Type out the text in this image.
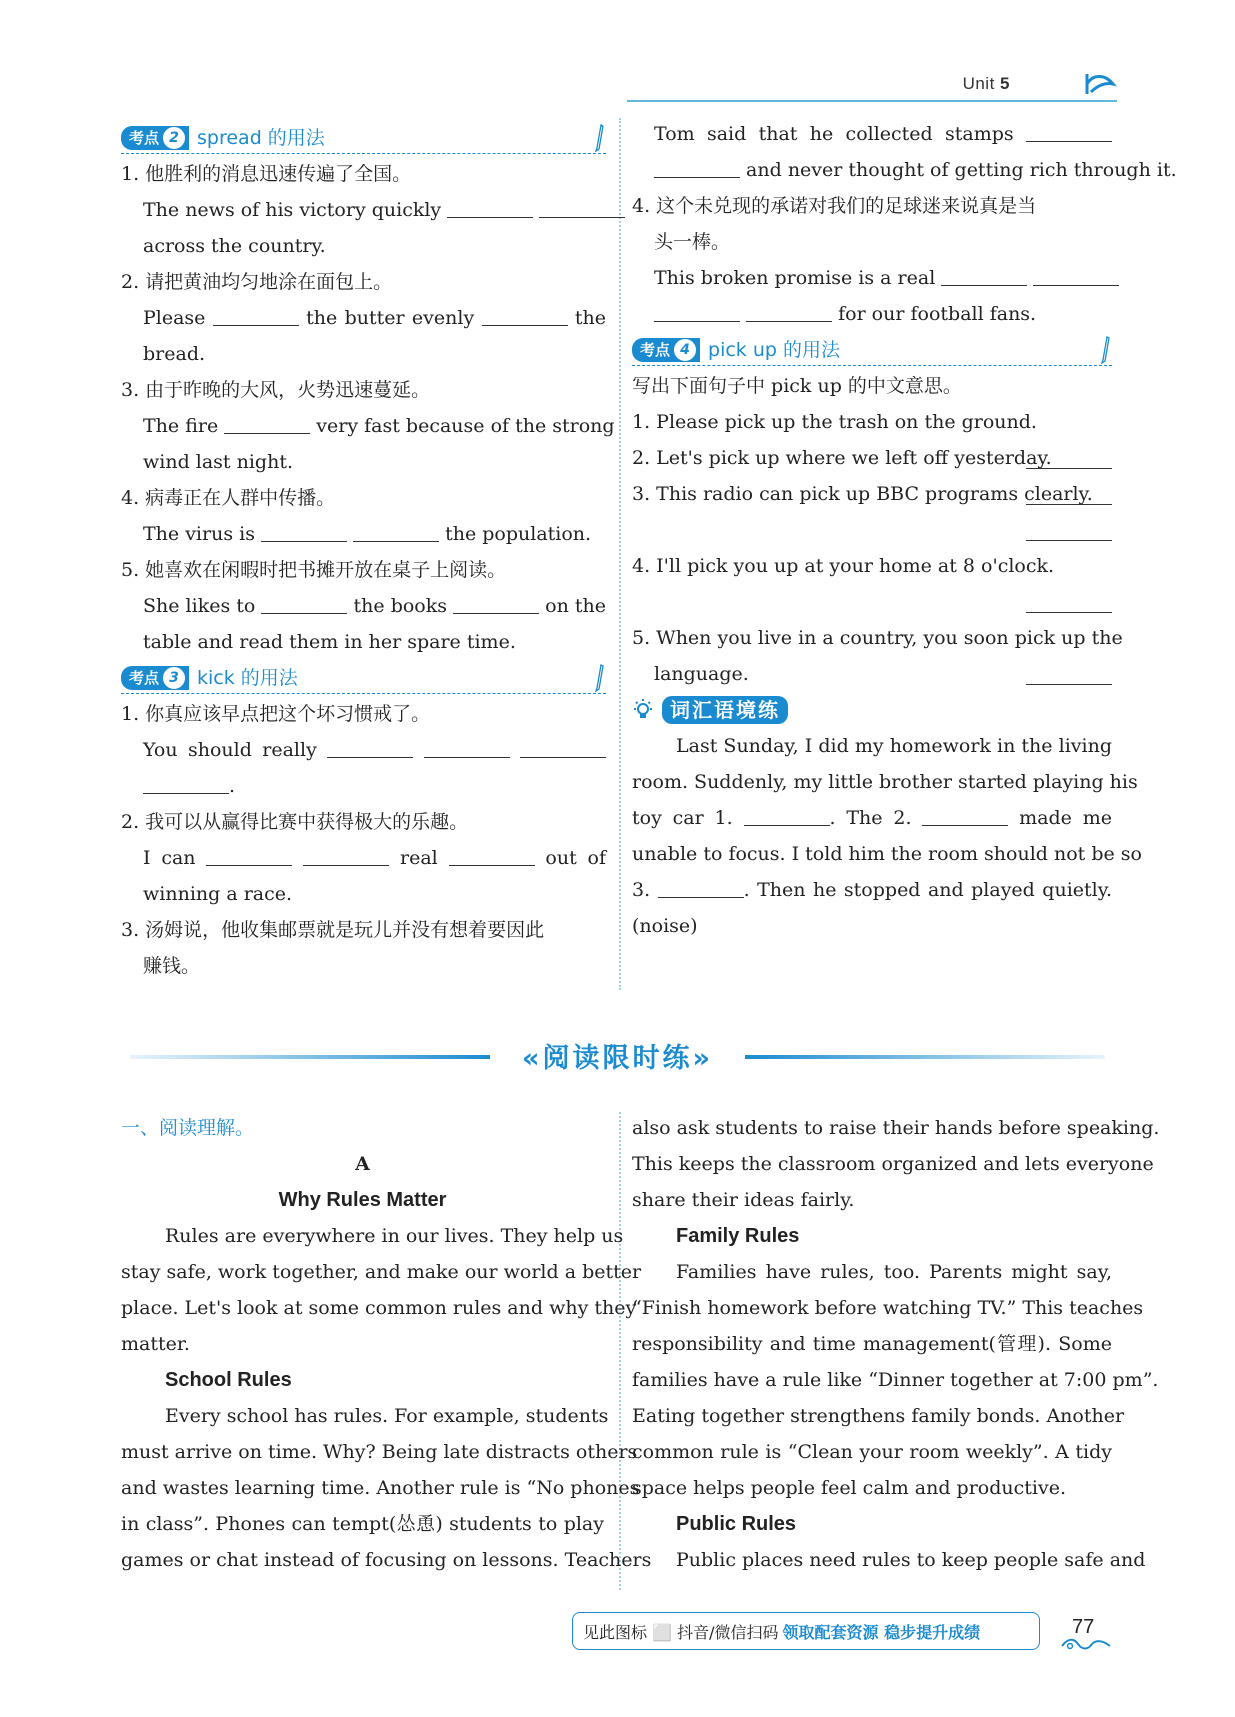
Unit 5
考点 2 spread 的用法
1. 他胜利的消息迅速传遍了全国。
The news of his victory quickly
across the country.
2. 请把黄油均匀地涂在面包上。
Please	the butter evenly	the
bread.
3. 由于昨晚的大风，火势迅速蔓延。
The fire	very fast because of the strong
wind last night.
4. 病毒正在人群中传播。
The virus is	the population.
5. 她喜欢在闲暇时把书摊开放在桌子上阅读。
She likes to	the books	on the
table and read them in her spare time.
考点 3 kick 的用法
1. 你真应该早点把这个坏习惯戒了。
You should really
.
2. 我可以从赢得比赛中获得极大的乐趣。
I can	real	out of
winning a race.
3. 汤姆说，他收集邮票就是玩儿并没有想着要因此
赚钱。
Tom said that he collected stamps
and never thought of getting rich through it.
4. 这个未兑现的承诺对我们的足球迷来说真是当
头一棒。
This broken promise is a real
for our football fans.
考点 4 pick up 的用法
写出下面句子中 pick up 的中文意思。
1. Please pick up the trash on the ground.
2. Let's pick up where we left off yesterday.
3. This radio can pick up BBC programs clearly.
4. I'll pick you up at your home at 8 o'clock.
5. When you live in a country, you soon pick up the
language.
词汇语境练
Last Sunday, I did my homework in the living
room. Suddenly, my little brother started playing his
toy car 1.	. The 2.	made me
unable to focus. I told him the room should not be so
3.	. Then he stopped and played quietly.
(noise)
«阅读限时练»
一、阅读理解。
A
Why Rules Matter
Rules are everywhere in our lives. They help us
stay safe, work together, and make our world a better
place. Let's look at some common rules and why they
matter.
School Rules
Every school has rules. For example, students
must arrive on time. Why? Being late distracts others
and wastes learning time. Another rule is “No phones
in class”. Phones can tempt(怂恿) students to play
games or chat instead of focusing on lessons. Teachers
also ask students to raise their hands before speaking.
This keeps the classroom organized and lets everyone
share their ideas fairly.
Family Rules
Families have rules, too. Parents might say,
“Finish homework before watching TV.” This teaches
responsibility and time management(管理). Some
families have a rule like “Dinner together at 7:00 pm”.
Eating together strengthens family bonds. Another
common rule is “Clean your room weekly”. A tidy
space helps people feel calm and productive.
Public Rules
Public places need rules to keep people safe and
见此图标 ⬜ 抖音/微信扫码 领取配套资源 稳步提升成绩	77
